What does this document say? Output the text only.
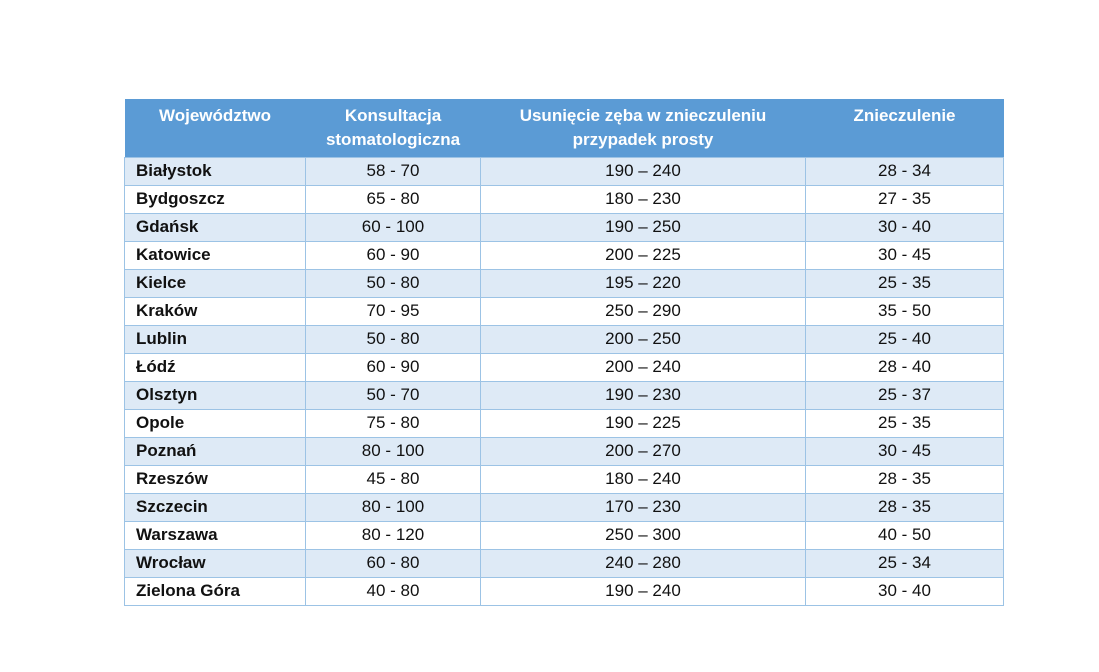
Województwo	Konsultacja stomatologiczna	Usunięcie zęba w znieczuleniu przypadek prosty	Znieczulenie
Białystok	58 - 70	190 – 240	28 - 34
Bydgoszcz	65 - 80	180 – 230	27 - 35
Gdańsk	60 - 100	190 – 250	30 - 40
Katowice	60 - 90	200 – 225	30 - 45
Kielce	50 - 80	195 – 220	25 - 35
Kraków	70 - 95	250 – 290	35 - 50
Lublin	50 - 80	200 – 250	25 - 40
Łódź	60 - 90	200 – 240	28 - 40
Olsztyn	50 - 70	190 – 230	25 - 37
Opole	75 - 80	190 – 225	25 - 35
Poznań	80 - 100	200 – 270	30 - 45
Rzeszów	45 - 80	180 – 240	28 - 35
Szczecin	80 - 100	170 – 230	28 - 35
Warszawa	80 - 120	250 – 300	40 - 50
Wrocław	60 - 80	240 – 280	25 - 34
Zielona Góra	40 - 80	190 – 240	30 - 40
